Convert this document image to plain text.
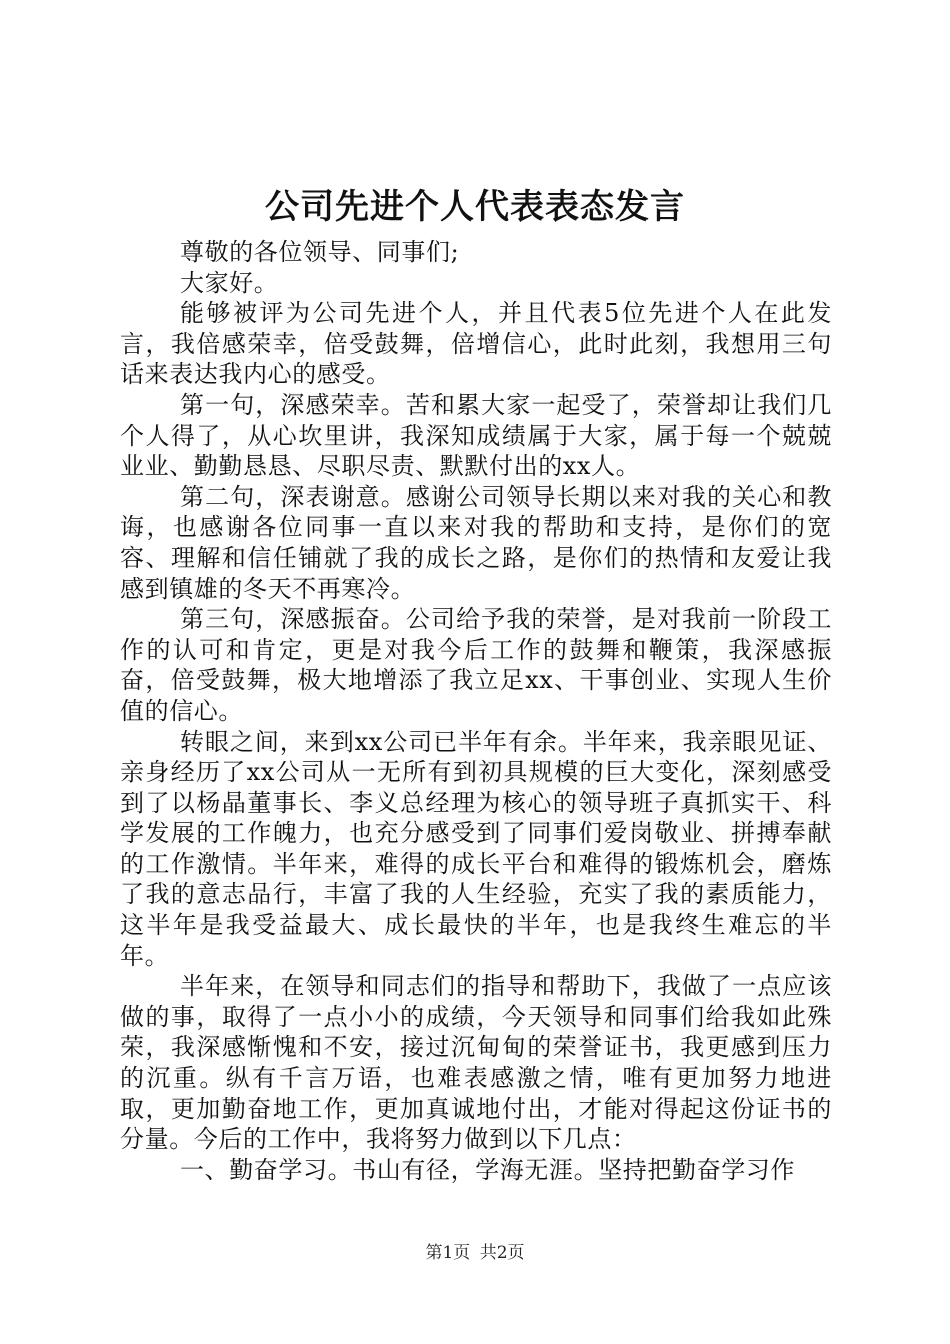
公司先进个人代表表态发言

尊敬的各位领导、同事们;

大家好。

能够被评为公司先进个人，并且代表5位先进个人在此发言，我倍感荣幸，倍受鼓舞，倍增信心，此时此刻，我想用三句话来表达我内心的感受。

第一句，深感荣幸。苦和累大家一起受了，荣誉却让我们几个人得了，从心坎里讲，我深知成绩属于大家，属于每一个兢兢业业、勤勤恳恳、尽职尽责、默默付出的xx人。

第二句，深表谢意。感谢公司领导长期以来对我的关心和教诲，也感谢各位同事一直以来对我的帮助和支持，是你们的宽容、理解和信任铺就了我的成长之路，是你们的热情和友爱让我感到镇雄的冬天不再寒冷。

第三句，深感振奋。公司给予我的荣誉，是对我前一阶段工作的认可和肯定，更是对我今后工作的鼓舞和鞭策，我深感振奋，倍受鼓舞，极大地增添了我立足xx、干事创业、实现人生价值的信心。

转眼之间，来到xx公司已半年有余。半年来，我亲眼见证、亲身经历了xx公司从一无所有到初具规模的巨大变化，深刻感受到了以杨晶董事长、李义总经理为核心的领导班子真抓实干、科学发展的工作魄力，也充分感受到了同事们爱岗敬业、拼搏奉献的工作激情。半年来，难得的成长平台和难得的锻炼机会，磨炼了我的意志品行，丰富了我的人生经验，充实了我的素质能力，这半年是我受益最大、成长最快的半年，也是我终生难忘的半年。

半年来，在领导和同志们的指导和帮助下，我做了一点应该做的事，取得了一点小小的成绩，今天领导和同事们给我如此殊荣，我深感惭愧和不安，接过沉甸甸的荣誉证书，我更感到压力的沉重。纵有千言万语，也难表感激之情，唯有更加努力地进取，更加勤奋地工作，更加真诚地付出，才能对得起这份证书的分量。今后的工作中，我将努力做到以下几点：

一、勤奋学习。书山有径，学海无涯。坚持把勤奋学习作

第1页 共2页
